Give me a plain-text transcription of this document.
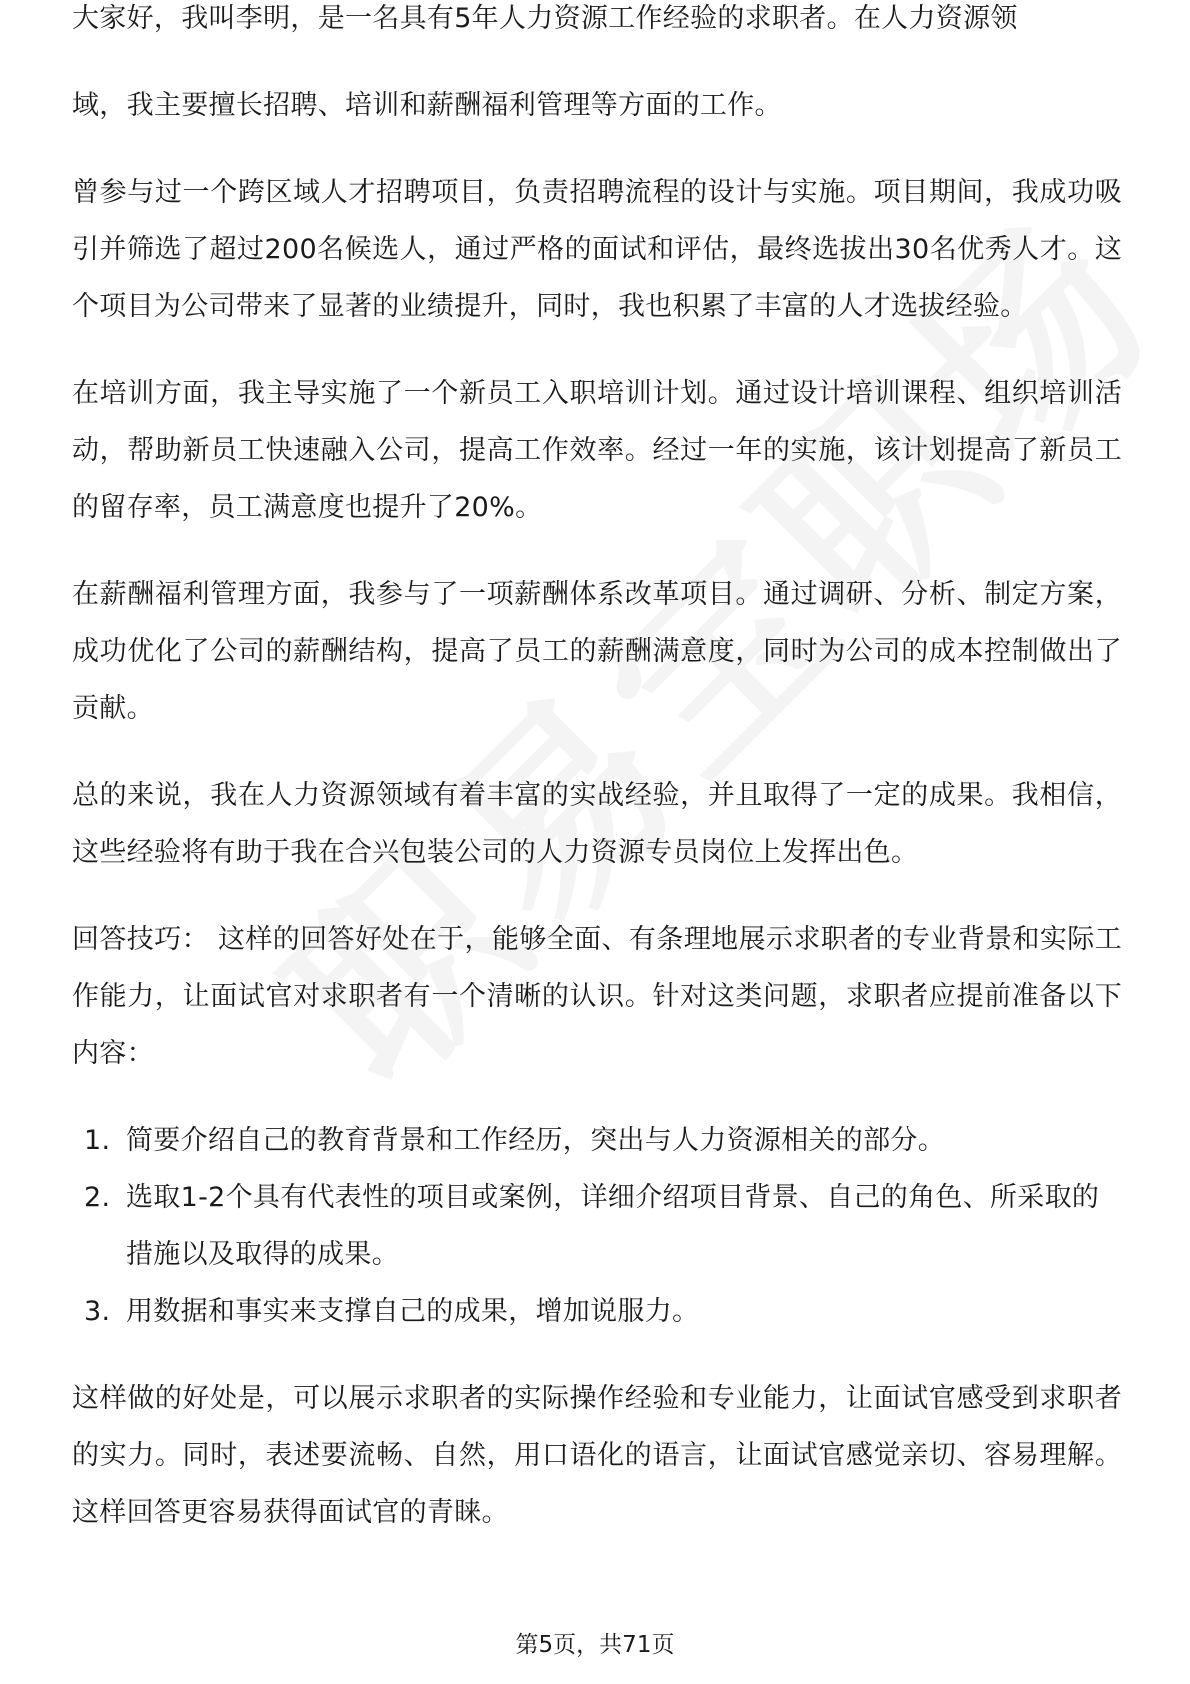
大家好，我叫李明，是一名具有5年人力资源工作经验的求职者。在人力资源领

域，我主要擅长招聘、培训和薪酬福利管理等方面的工作。

曾参与过一个跨区域人才招聘项目，负责招聘流程的设计与实施。项目期间，我成功吸引并筛选了超过200名候选人，通过严格的面试和评估，最终选拔出30名优秀人才。这个项目为公司带来了显著的业绩提升，同时，我也积累了丰富的人才选拔经验。

在培训方面，我主导实施了一个新员工入职培训计划。通过设计培训课程、组织培训活动，帮助新员工快速融入公司，提高工作效率。经过一年的实施，该计划提高了新员工的留存率，员工满意度也提升了20%。

在薪酬福利管理方面，我参与了一项薪酬体系改革项目。通过调研、分析、制定方案，成功优化了公司的薪酬结构，提高了员工的薪酬满意度，同时为公司的成本控制做出了贡献。

总的来说，我在人力资源领域有着丰富的实战经验，并且取得了一定的成果。我相信，这些经验将有助于我在合兴包装公司的人力资源专员岗位上发挥出色。

回答技巧： 这样的回答好处在于，能够全面、有条理地展示求职者的专业背景和实际工作能力，让面试官对求职者有一个清晰的认识。针对这类问题，求职者应提前准备以下内容：

1. 简要介绍自己的教育背景和工作经历，突出与人力资源相关的部分。
2. 选取1-2个具有代表性的项目或案例，详细介绍项目背景、自己的角色、所采取的措施以及取得的成果。
3. 用数据和事实来支撑自己的成果，增加说服力。

这样做的好处是，可以展示求职者的实际操作经验和专业能力，让面试官感受到求职者的实力。同时，表述要流畅、自然，用口语化的语言，让面试官感觉亲切、容易理解。这样回答更容易获得面试官的青睐。

第5页，共71页
